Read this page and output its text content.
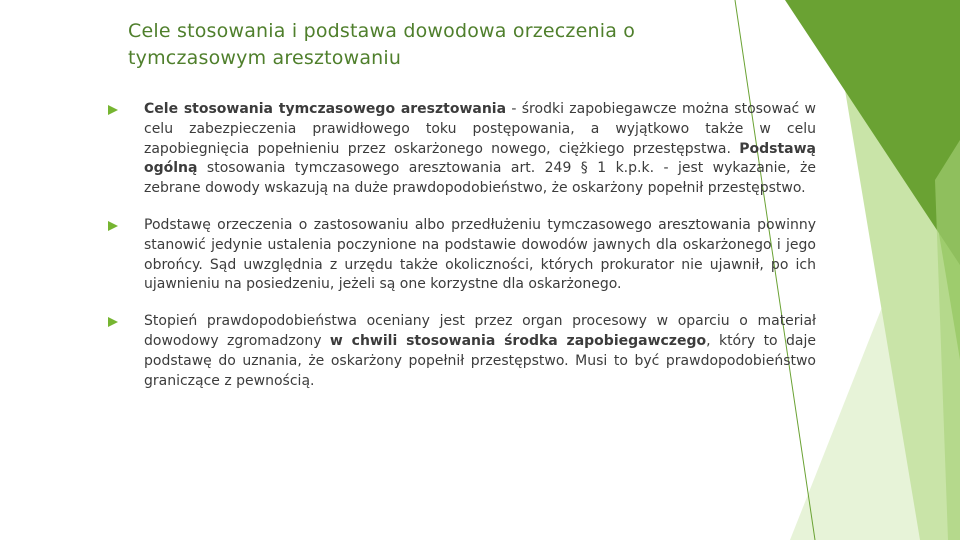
Cele stosowania i podstawa dowodowa orzeczenia o tymczasowym aresztowaniu

Cele stosowania tymczasowego aresztowania - środki zapobiegawcze można stosować w celu zabezpieczenia prawidłowego toku postępowania, a wyjątkowo także w celu zapobiegnięcia popełnieniu przez oskarżonego nowego, ciężkiego przestępstwa. Podstawą ogólną stosowania tymczasowego aresztowania art. 249 § 1 k.p.k. - jest wykazanie, że zebrane dowody wskazują na duże prawdopodobieństwo, że oskarżony popełnił przestępstwo.

Podstawę orzeczenia o zastosowaniu albo przedłużeniu tymczasowego aresztowania powinny stanowić jedynie ustalenia poczynione na podstawie dowodów jawnych dla oskarżonego i jego obrońcy. Sąd uwzględnia z urzędu także okoliczności, których prokurator nie ujawnił, po ich ujawnieniu na posiedzeniu, jeżeli są one korzystne dla oskarżonego.

Stopień prawdopodobieństwa oceniany jest przez organ procesowy w oparciu o materiał dowodowy zgromadzony w chwili stosowania środka zapobiegawczego, który to daje podstawę do uznania, że oskarżony popełnił przestępstwo. Musi to być prawdopodobieństwo graniczące z pewnością.
